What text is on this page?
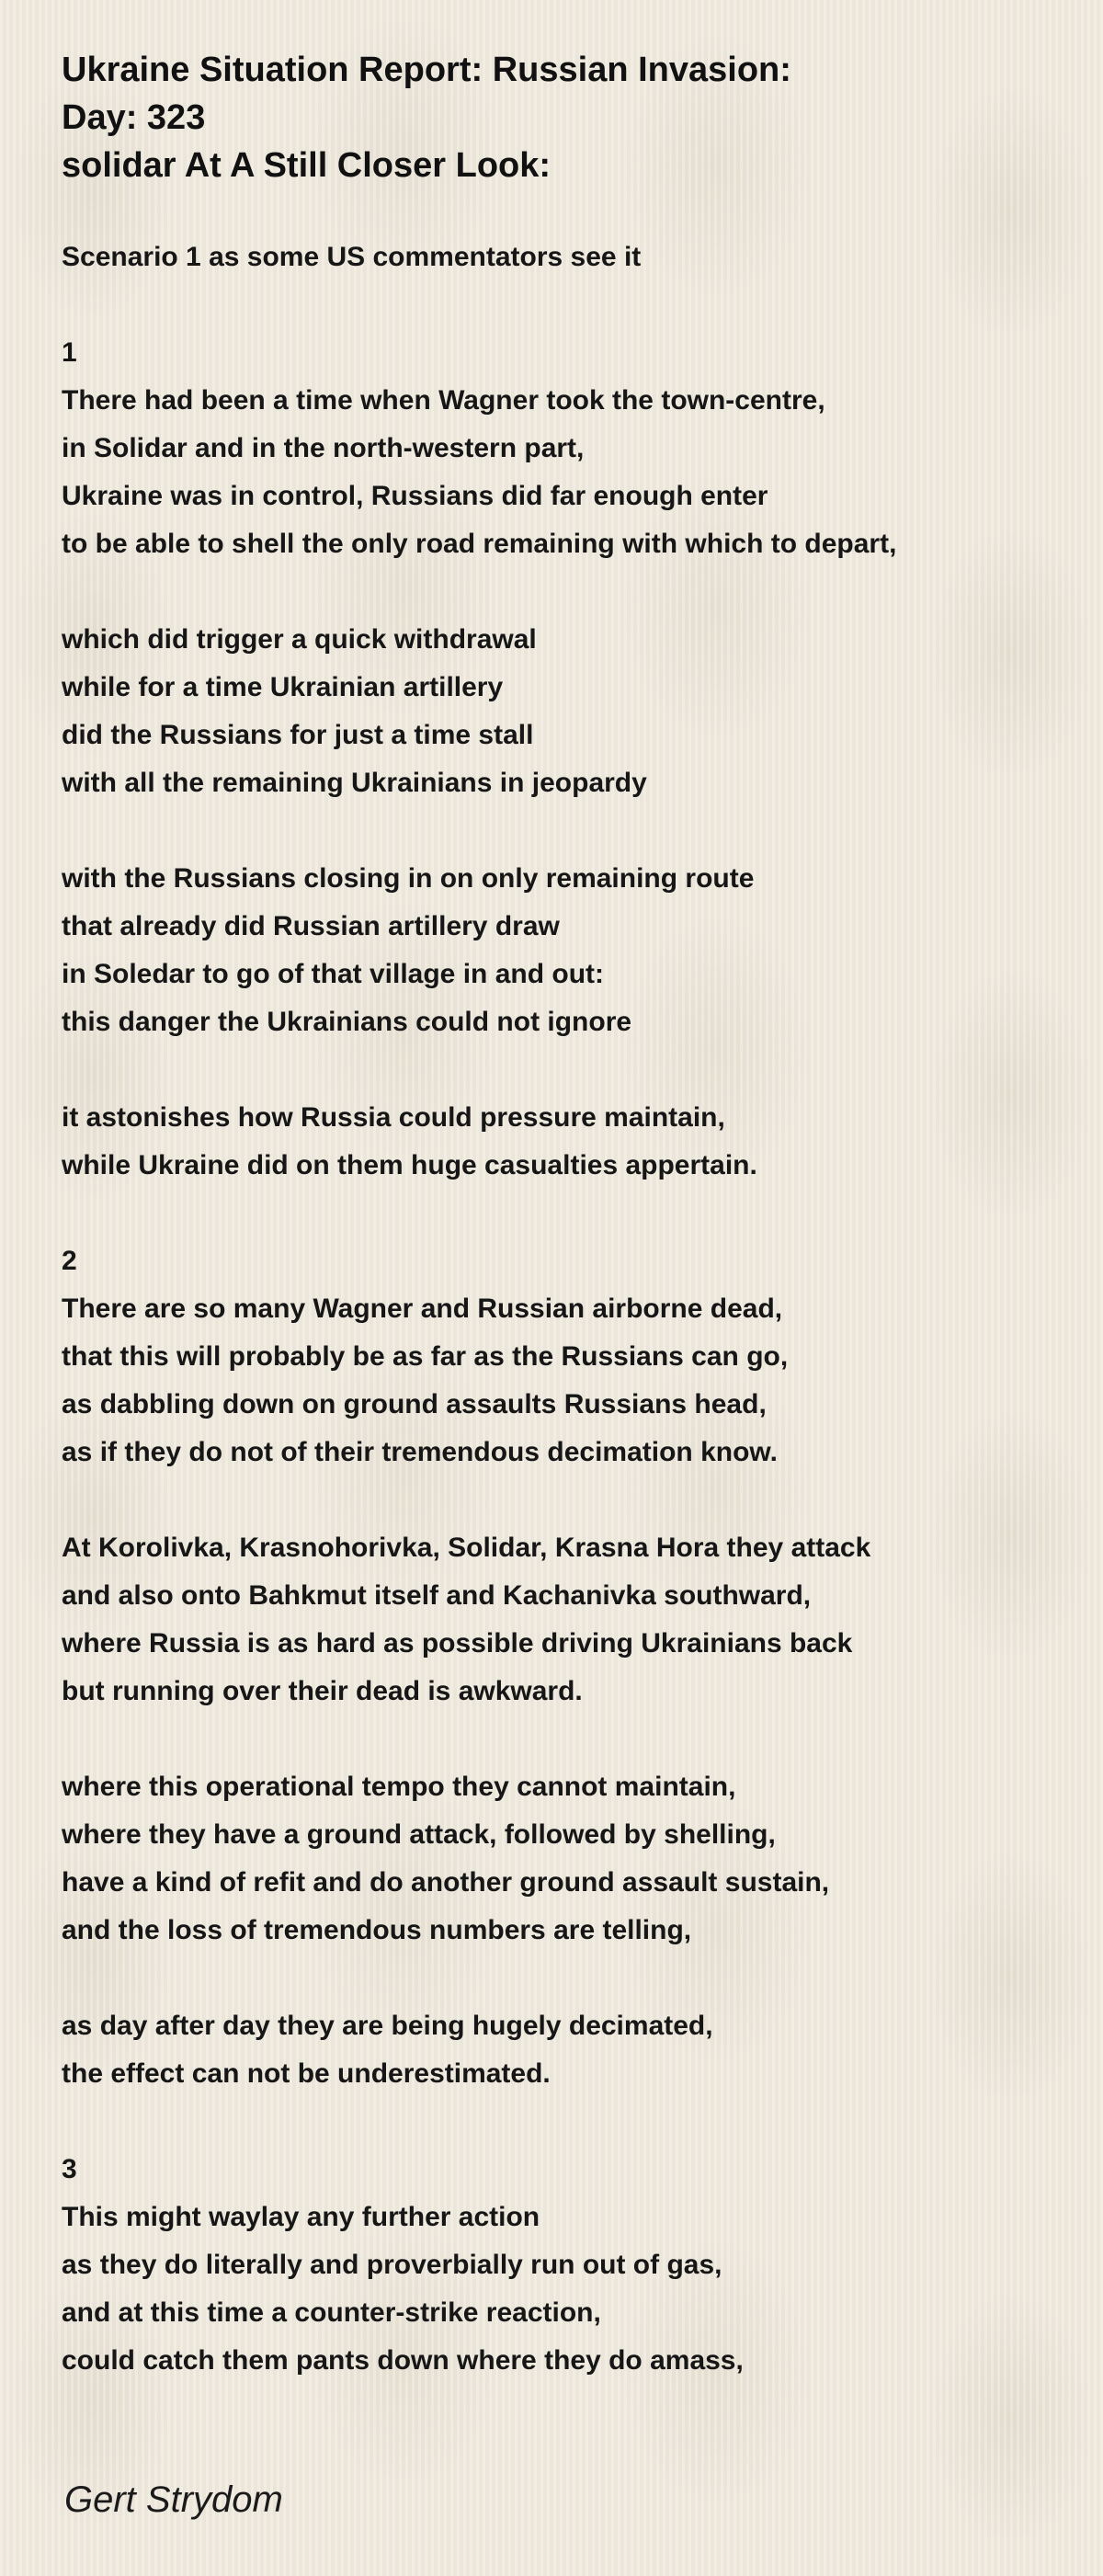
Ukraine Situation Report: Russian Invasion:
Day: 323
solidar At A Still Closer Look:
Scenario 1 as some US commentators see it
1
There had been a time when Wagner took the town-centre,
in Solidar and in the north-western part,
Ukraine was in control, Russians did far enough enter
to be able to shell the only road remaining with which to depart,
which did trigger a quick withdrawal
while for a time Ukrainian artillery
did the Russians for just a time stall
with all the remaining Ukrainians in jeopardy
with the Russians closing in on only remaining route
that already did Russian artillery draw
in Soledar to go of that village in and out:
this danger the Ukrainians could not ignore
it astonishes how Russia could pressure maintain,
while Ukraine did on them huge casualties appertain.
2
There are so many Wagner and Russian airborne dead,
that this will probably be as far as the Russians can go,
as dabbling down on ground assaults Russians head,
as if they do not of their tremendous decimation know.
At Korolivka, Krasnohorivka, Solidar, Krasna Hora they attack
and also onto Bahkmut itself and Kachanivka southward,
where Russia is as hard as possible driving Ukrainians back
but running over their dead is awkward.
where this operational tempo they cannot maintain,
where they have a ground attack, followed by shelling,
have a kind of refit and do another ground assault sustain,
and the loss of tremendous numbers are telling,
as day after day they are being hugely decimated,
the effect can not be underestimated.
3
This might waylay any further action
as they do literally and proverbially run out of gas,
and at this time a counter-strike reaction,
could catch them pants down where they do amass,
Gert Strydom
